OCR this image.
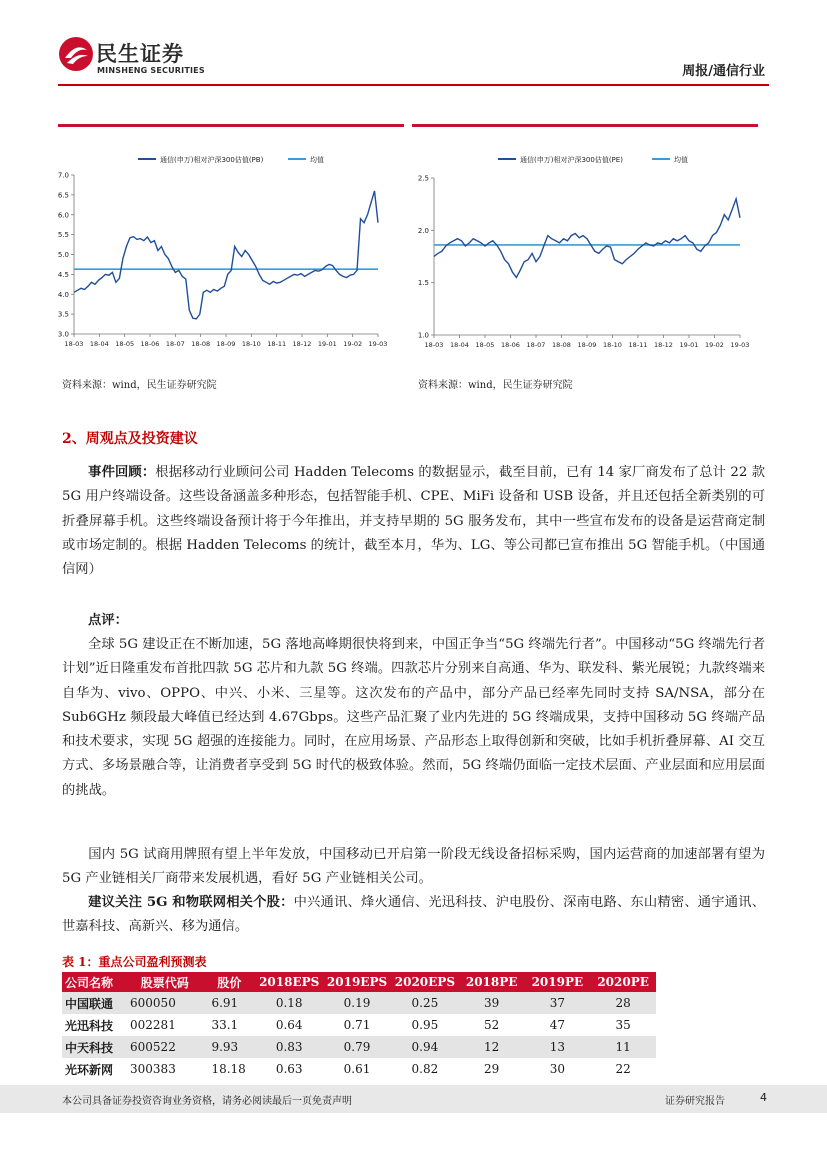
民生证券
MINSHENG SECURITIES	周报/通信行业
通信(申万)相对沪深300估值(PB)	均值
3.0
3.5
4.0
4.5
5.0
5.5
6.0
6.5
7.0
18-03 18-04 18-05 18-06 18-07 18-08 18-09 18-10 18-11 18-12 19-01 19-02 19-03
通信(申万)相对沪深300估值(PE)	均值
1.0
1.5
2.0
2.5
18-03 18-04 18-05 18-06 18-07 18-08 18-09 18-10 18-11 18-12 19-01 19-02 19-03
资料来源：wind，民生证券研究院	资料来源：wind，民生证券研究院
2、周观点及投资建议
事件回顾：根据移动行业顾问公司 Hadden Telecoms 的数据显示，截至目前，已有 14 家厂商发布了总计 22 款 5G 用户终端设备。这些设备涵盖多种形态，包括智能手机、CPE、MiFi 设备和 USB 设备，并且还包括全新类别的可折叠屏幕手机。这些终端设备预计将于今年推出，并支持早期的 5G 服务发布，其中一些宣布发布的设备是运营商定制或市场定制的。根据 Hadden Telecoms 的统计，截至本月，华为、LG、等公司都已宣布推出 5G 智能手机。（中国通信网）
点评：
全球 5G 建设正在不断加速，5G 落地高峰期很快将到来，中国正争当“5G 终端先行者”。中国移动“5G 终端先行者计划”近日隆重发布首批四款 5G 芯片和九款 5G 终端。四款芯片分别来自高通、华为、联发科、紫光展锐；九款终端来自华为、vivo、OPPO、中兴、小米、三星等。这次发布的产品中，部分产品已经率先同时支持 SA/NSA，部分在 Sub6GHz 频段最大峰值已经达到 4.67Gbps。这些产品汇聚了业内先进的 5G 终端成果，支持中国移动 5G 终端产品和技术要求，实现 5G 超强的连接能力。同时，在应用场景、产品形态上取得创新和突破，比如手机折叠屏幕、AI 交互方式、多场景融合等，让消费者享受到 5G 时代的极致体验。然而，5G 终端仍面临一定技术层面、产业层面和应用层面的挑战。
国内 5G 试商用牌照有望上半年发放，中国移动已开启第一阶段无线设备招标采购，国内运营商的加速部署有望为 5G 产业链相关厂商带来发展机遇，看好 5G 产业链相关公司。
建议关注 5G 和物联网相关个股：中兴通讯、烽火通信、光迅科技、沪电股份、深南电路、东山精密、通宇通讯、世嘉科技、高新兴、移为通信。
表 1：重点公司盈利预测表
公司名称	股票代码	股价	2018EPS	2019EPS	2020EPS	2018PE	2019PE	2020PE
中国联通	600050	6.91	0.18	0.19	0.25	39	37	28
光迅科技	002281	33.1	0.64	0.71	0.95	52	47	35
中天科技	600522	9.93	0.83	0.79	0.94	12	13	11
光环新网	300383	18.18	0.63	0.61	0.82	29	30	22
本公司具备证券投资咨询业务资格，请务必阅读最后一页免责声明	证券研究报告	4
